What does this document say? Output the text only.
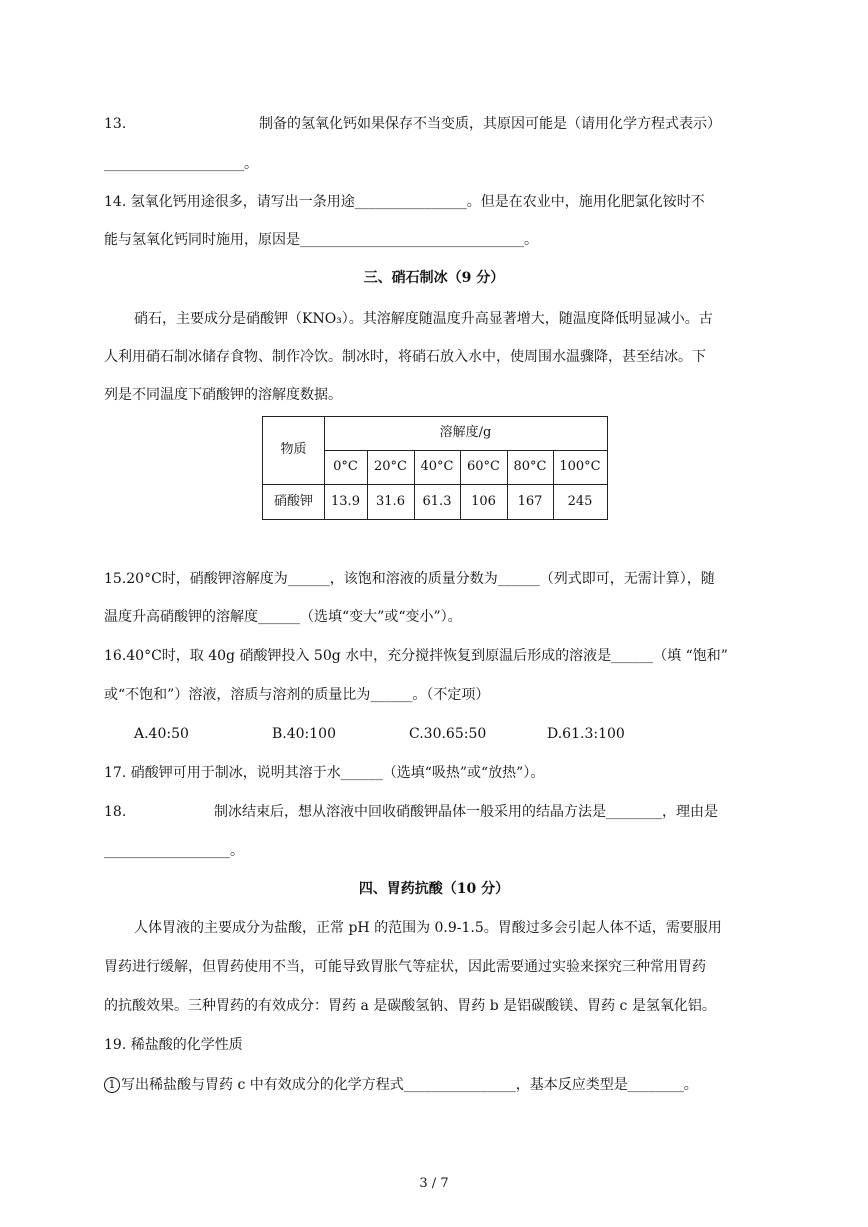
13.	制备的氢氧化钙如果保存不当变质，其原因可能是（请用化学方程式表示）
____________________。
14. 氢氧化钙用途很多，请写出一条用途________________。但是在农业中，施用化肥氯化铵时不
能与氢氧化钙同时施用，原因是________________________________。
三、硝石制冰（9 分）
硝石，主要成分是硝酸钾（KNO₃）。其溶解度随温度升高显著增大，随温度降低明显减小。古
人利用硝石制冰储存食物、制作冷饮。制冰时，将硝石放入水中，使周围水温骤降，甚至结冰。下
列是不同温度下硝酸钾的溶解度数据。
物质
溶解度/g
0°C	20°C	40°C	60°C	80°C 100°C
硝酸钾	13.9	31.6	61.3	106	167	245
15.20°C时，硝酸钾溶解度为______，该饱和溶液的质量分数为______（列式即可，无需计算），随
温度升高硝酸钾的溶解度______（选填“变大”或“变小”）。
16.40°C时，取 40g 硝酸钾投入 50g 水中，充分搅拌恢复到原温后形成的溶液是______（填 “饱和”
或“不饱和”）溶液，溶质与溶剂的质量比为______。（不定项）
A.40:50	B.40:100	C.30.65:50	D.61.3:100
17. 硝酸钾可用于制冰，说明其溶于水______（选填“吸热”或“放热”）。
18.	制冰结束后，想从溶液中回收硝酸钾晶体一般采用的结晶方法是________，理由是
__________________。
四、胃药抗酸（10 分）
人体胃液的主要成分为盐酸，正常 pH 的范围为 0.9-1.5。胃酸过多会引起人体不适，需要服用
胃药进行缓解，但胃药使用不当，可能导致胃胀气等症状，因此需要通过实验来探究三种常用胃药
的抗酸效果。三种胃药的有效成分：胃药 a 是碳酸氢钠、胃药 b 是铝碳酸镁、胃药 c 是氢氧化铝。
19. 稀盐酸的化学性质
1 写出稀盐酸与胃药 c 中有效成分的化学方程式________________，基本反应类型是________。
3 / 7
